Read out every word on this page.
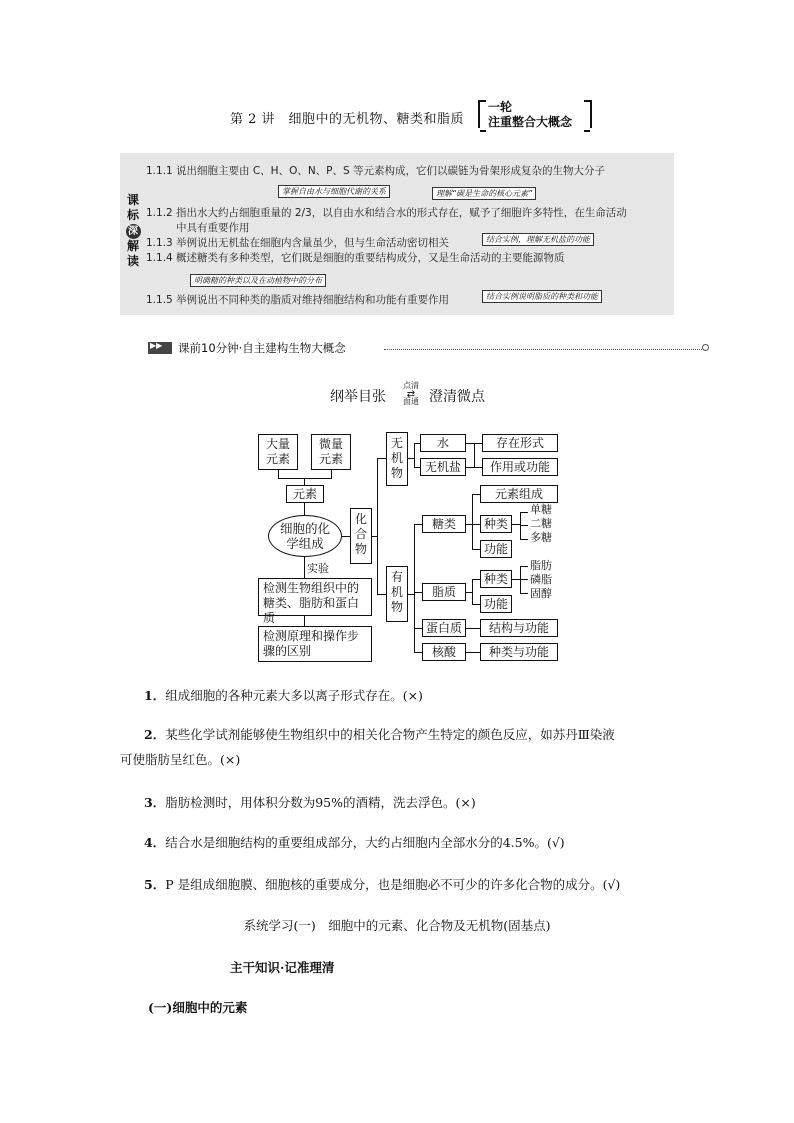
第 2 讲　细胞中的无机物、糖类和脂质
一轮
注重整合大概念
课
标
深
解
读
1.1.1 说出细胞主要由 C、H、O、N、P、S 等元素构成，它们以碳链为骨架形成复杂的生物大分子
掌握自由水与细胞代谢的关系	理解“碳是生命的核心元素”
1.1.2 指出水大约占细胞重量的 2/3，以自由水和结合水的形式存在，赋予了细胞许多特性，在生命活动
中具有重要作用
1.1.3 举例说出无机盐在细胞内含量虽少，但与生命活动密切相关	结合实例，理解无机盐的功能
1.1.4 概述糖类有多种类型，它们既是细胞的重要结构成分，又是生命活动的主要能源物质
明确糖的种类以及在动植物中的分布
1.1.5 举例说出不同种类的脂质对维持细胞结构和功能有重要作用	结合实例说明脂质的种类和功能
▶▶
课前10分钟·自主建构生物大概念
纲举目张
点清
⇄
面通 澄清微点
大量元素
微量元素
元素
细胞的化学组成
实验
检测生物组织中的糖类、脂肪和蛋白质
检测原理和操作步骤的区别
化合物
无机物
水
无机盐
存在形式
作用或功能
有机物
糖类
脂质
蛋白质
核酸
元素组成
种类
功能
单糖
二糖
多糖
种类
功能
脂肪
磷脂
固醇
结构与功能
种类与功能
1．组成细胞的各种元素大多以离子形式存在。(×)
2．某些化学试剂能够使生物组织中的相关化合物产生特定的颜色反应，如苏丹Ⅲ染液
可使脂肪呈红色。(×)
3．脂肪检测时，用体积分数为95%的酒精，洗去浮色。(×)
4．结合水是细胞结构的重要组成部分，大约占细胞内全部水分的4.5%。(√)
5．P 是组成细胞膜、细胞核的重要成分，也是细胞必不可少的许多化合物的成分。(√)
系统学习(一)　细胞中的元素、化合物及无机物(固基点)
主干知识·记准理清
(一)细胞中的元素
